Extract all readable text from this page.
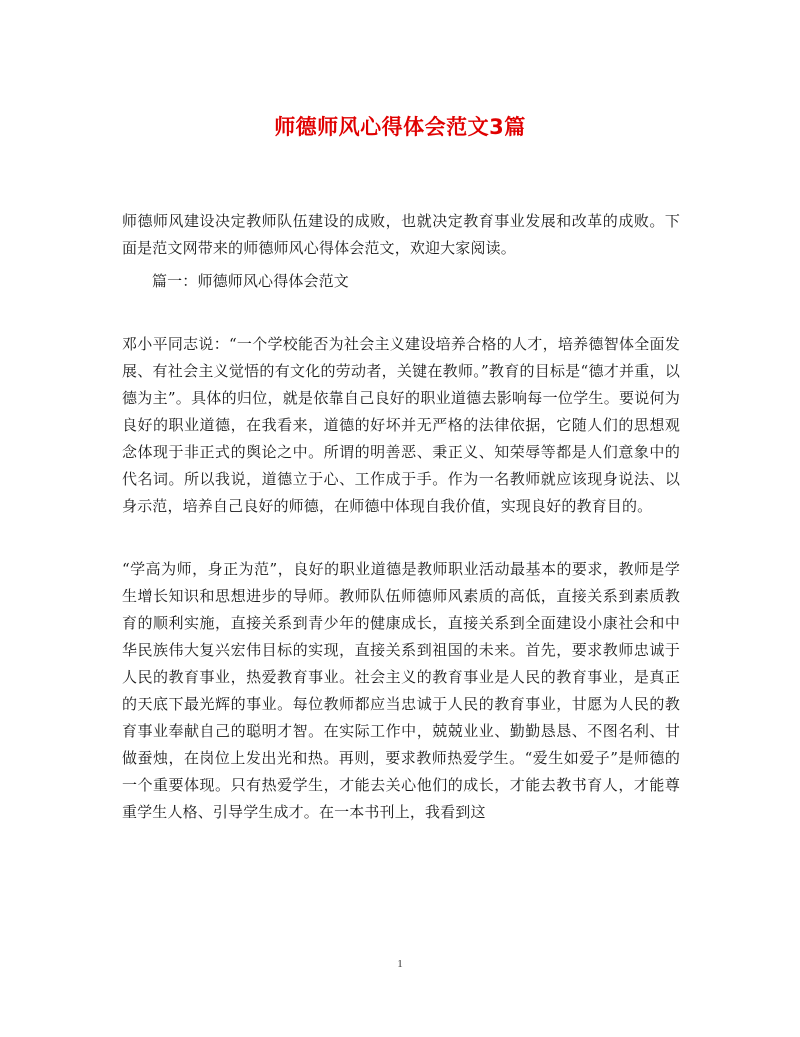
师德师风心得体会范文3篇

师德师风建设决定教师队伍建设的成败，也就决定教育事业发展和改革的成败。下面是范文网带来的师德师风心得体会范文，欢迎大家阅读。

篇一：师德师风心得体会范文

邓小平同志说：“一个学校能否为社会主义建设培养合格的人才，培养德智体全面发展、有社会主义觉悟的有文化的劳动者，关键在教师。”教育的目标是“德才并重，以德为主”。具体的归位，就是依靠自己良好的职业道德去影响每一位学生。要说何为良好的职业道德，在我看来，道德的好坏并无严格的法律依据，它随人们的思想观念体现于非正式的舆论之中。所谓的明善恶、秉正义、知荣辱等都是人们意象中的代名词。所以我说，道德立于心、工作成于手。作为一名教师就应该现身说法、以身示范，培养自己良好的师德，在师德中体现自我价值，实现良好的教育目的。

“学高为师，身正为范”，良好的职业道德是教师职业活动最基本的要求，教师是学生增长知识和思想进步的导师。教师队伍师德师风素质的高低，直接关系到素质教育的顺利实施，直接关系到青少年的健康成长，直接关系到全面建设小康社会和中华民族伟大复兴宏伟目标的实现，直接关系到祖国的未来。首先，要求教师忠诚于人民的教育事业，热爱教育事业。社会主义的教育事业是人民的教育事业，是真正的天底下最光辉的事业。每位教师都应当忠诚于人民的教育事业，甘愿为人民的教育事业奉献自己的聪明才智。在实际工作中，兢兢业业、勤勤恳恳、不图名利、甘做蚕烛，在岗位上发出光和热。再则，要求教师热爱学生。“爱生如爱子”是师德的一个重要体现。只有热爱学生，才能去关心他们的成长，才能去教书育人，才能尊重学生人格、引导学生成才。在一本书刊上，我看到这

1
